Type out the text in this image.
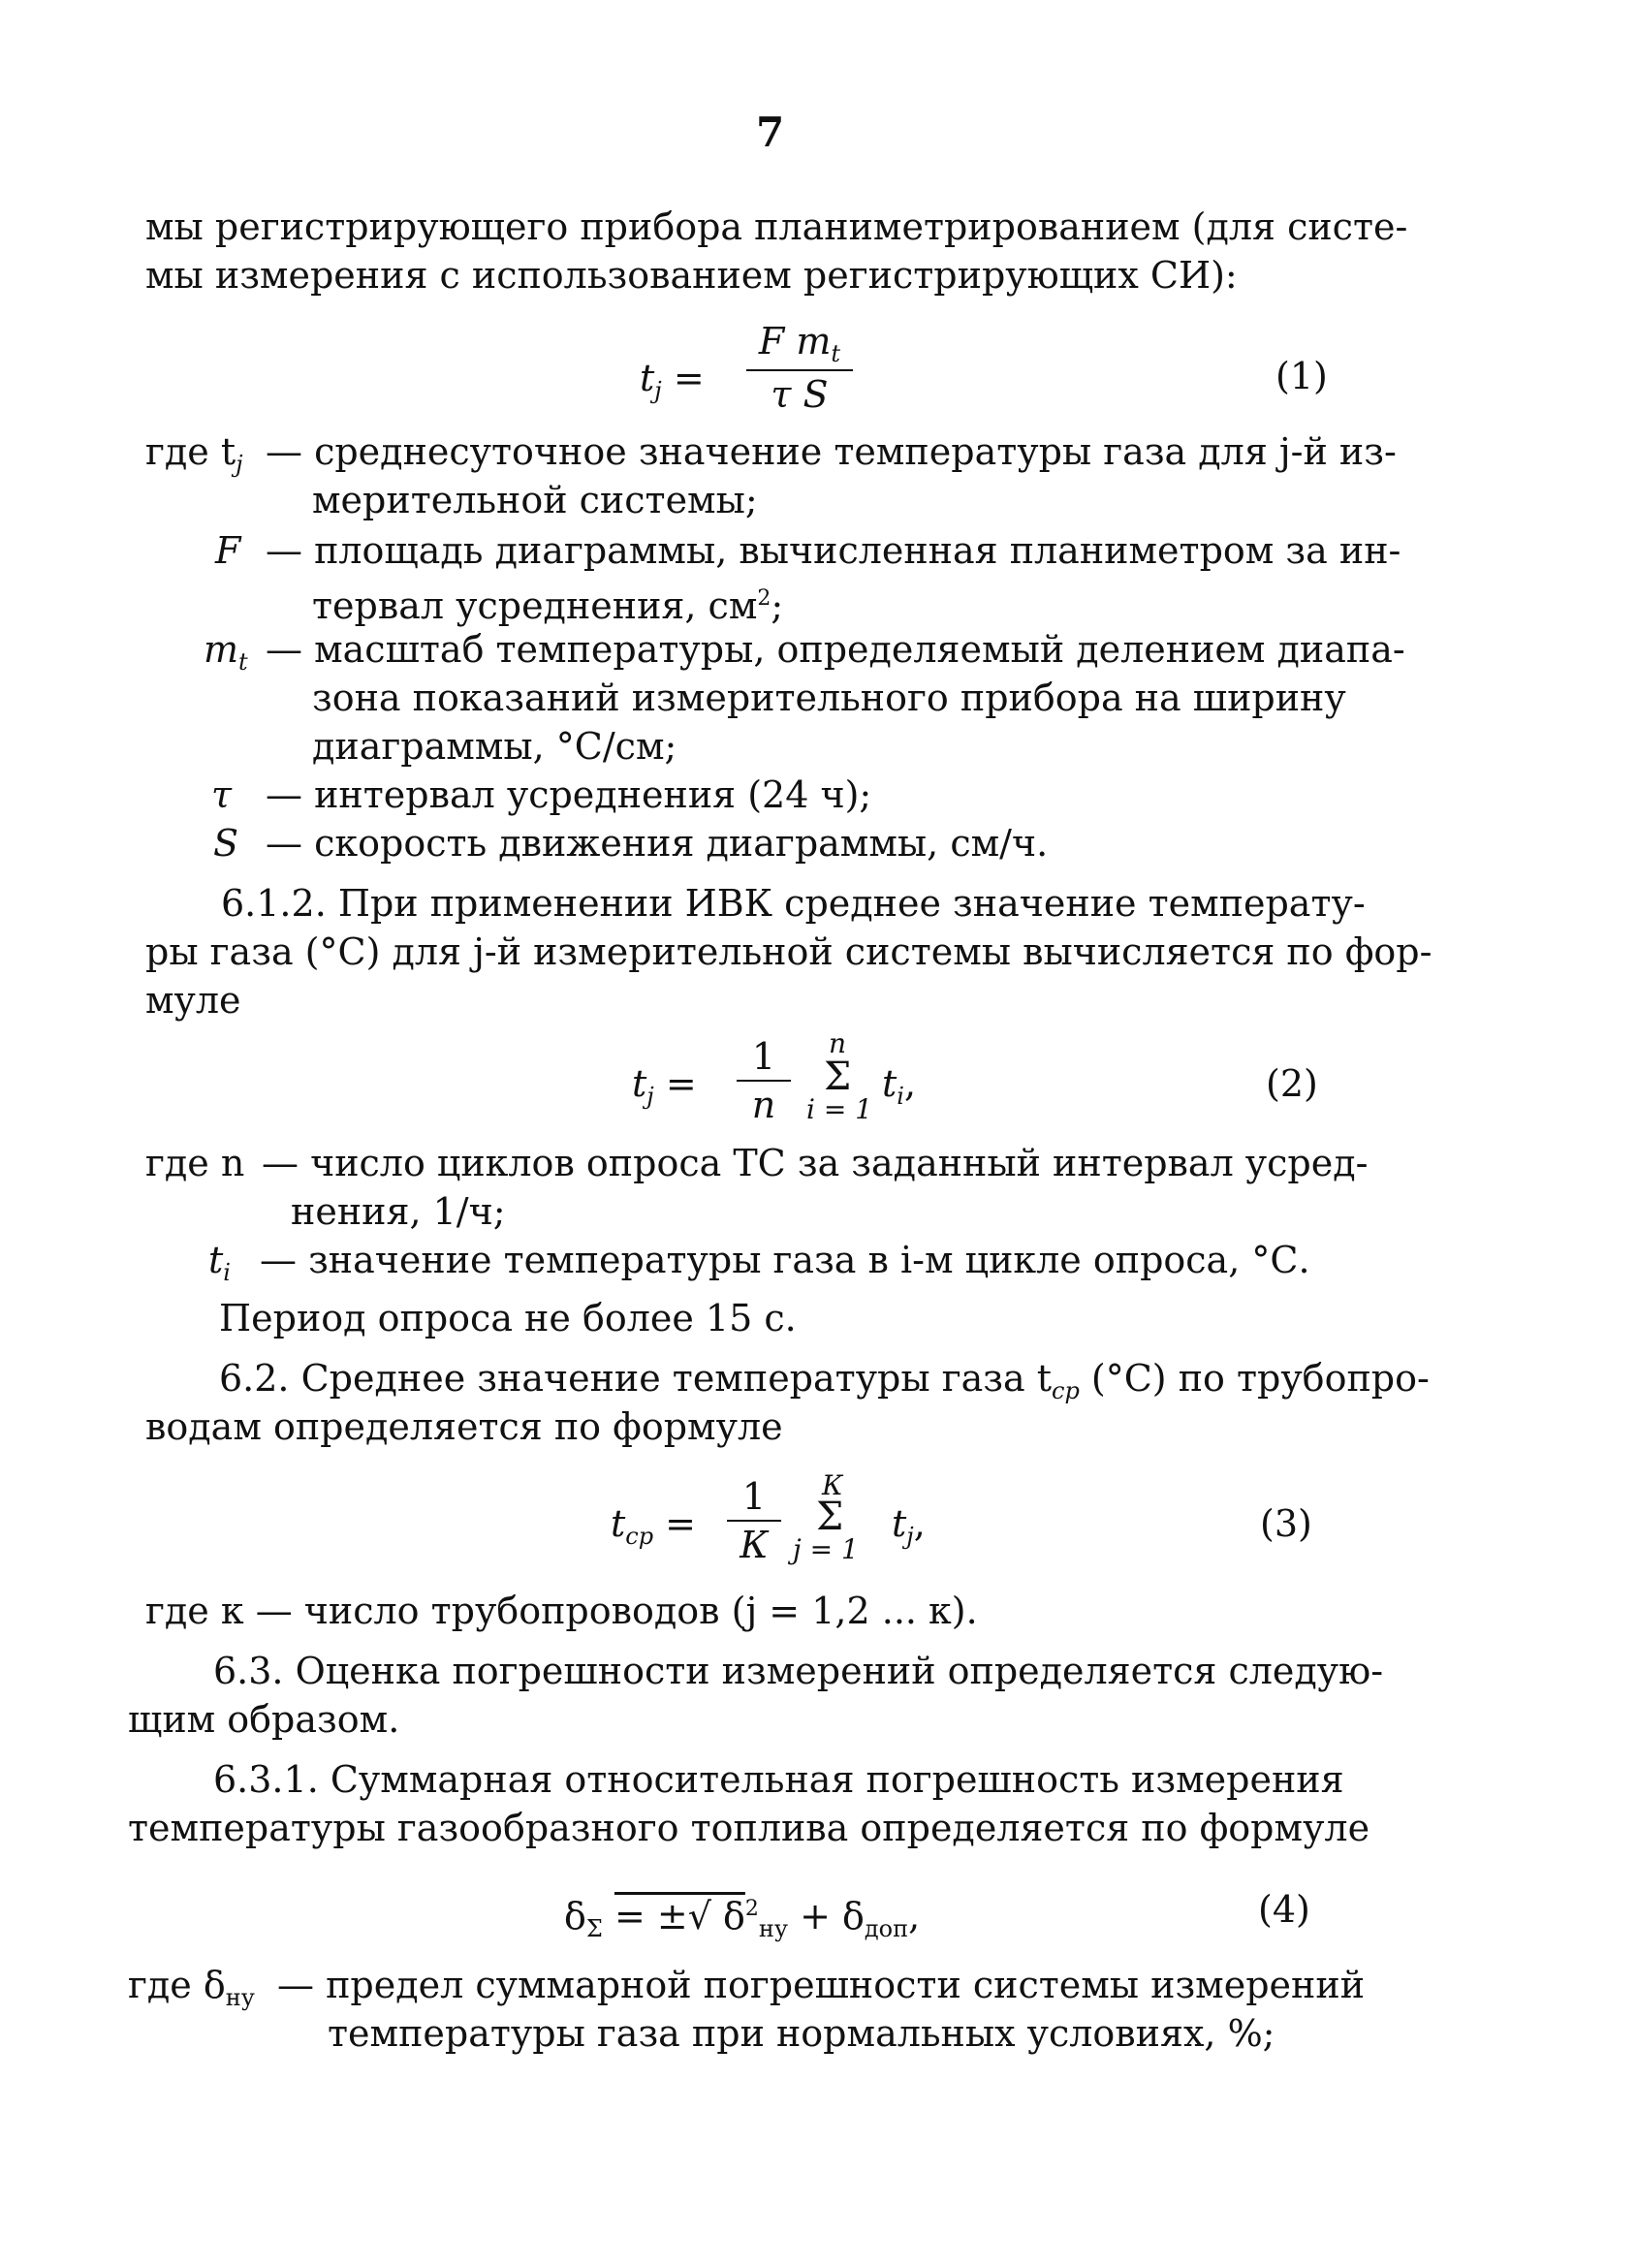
7
мы регистрирующего прибора планиметрированием (для систе-
мы измерения с использованием регистрирующих СИ):
$t_j = \frac{F m_t}{\text{τ S}}$	(1)
где $t_j$ — среднесуточное значение температуры газа для j-й из-
мерительной системы;
F — площадь диаграммы, вычисленная планиметром за ин-
тервал усреднения, $см^2$;
$m_t$ — масштаб температуры, определяемый делением диапа-
зона показаний измерительного прибора на ширину
диаграммы, °С/см;
τ — интервал усреднения (24 ч);
S — скорость движения диаграммы, см/ч.
6.1.2. При применении ИВК среднее значение температу-
ры газа (°С) для j-й измерительной системы вычисляется по фор-
муле
$t_j = \frac{1}{n}$ n
Σ
i = 1
$t_i$,	(2)
где n — число циклов опроса ТС за заданный интервал усред-
нения, 1/ч;
$t_i$ — значение температуры газа в i-м цикле опроса, °С.
Период опроса не более 15 с.
6.2. Среднее значение температуры газа $t_{ср}$ (°С) по трубопро-
водам определяется по формуле
$t_{ср}$ =
1
К
К
Σ
j = 1
$t_j$,	(3)
где к — число трубопроводов (j = 1,2 ... к).
6.3. Оценка погрешности измерений определяется следую-
щим образом.
6.3.1. Суммарная относительная погрешность измерения
температуры газообразного топлива определяется по формуле
$\delta_\Sigma$ = ±√ $\delta^2_{ну} + \delta_{доп}$,	(4)
где $\delta_{ну}$ — предел суммарной погрешности системы измерений
температуры газа при нормальных условиях, %;
